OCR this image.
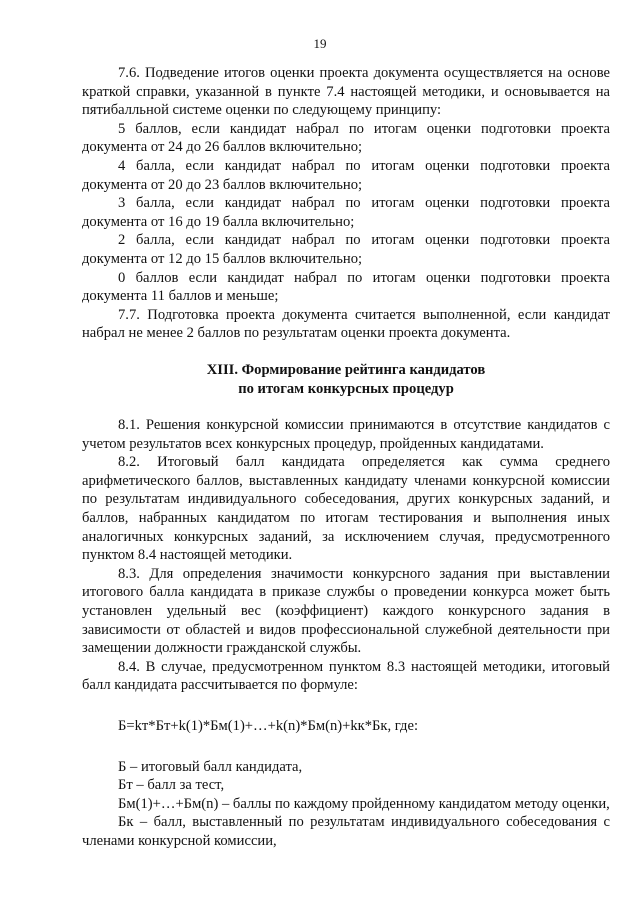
19

7.6. Подведение итогов оценки проекта документа осуществляется на основе краткой справки, указанной в пункте 7.4 настоящей методики, и основывается на пятибалльной системе оценки по следующему принципу:

5 баллов, если кандидат набрал по итогам оценки подготовки проекта документа от 24 до 26 баллов включительно;

4 балла, если кандидат набрал по итогам оценки подготовки проекта документа от 20 до 23 баллов включительно;

3 балла, если кандидат набрал по итогам оценки подготовки проекта документа от 16 до 19 балла включительно;

2 балла, если кандидат набрал по итогам оценки подготовки проекта документа от 12 до 15 баллов включительно;

0 баллов если кандидат набрал по итогам оценки подготовки проекта документа 11 баллов и меньше;

7.7. Подготовка проекта документа считается выполненной, если кандидат набрал не менее 2 баллов по результатам оценки проекта документа.

XIII. Формирование рейтинга кандидатов
по итогам конкурсных процедур

8.1. Решения конкурсной комиссии принимаются в отсутствие кандидатов с учетом результатов всех конкурсных процедур, пройденных кандидатами.

8.2. Итоговый балл кандидата определяется как сумма среднего арифметического баллов, выставленных кандидату членами конкурсной комиссии по результатам индивидуального собеседования, других конкурсных заданий, и баллов, набранных кандидатом по итогам тестирования и выполнения иных аналогичных конкурсных заданий, за исключением случая, предусмотренного пунктом 8.4 настоящей методики.

8.3. Для определения значимости конкурсного задания при выставлении итогового балла кандидата в приказе службы о проведении конкурса может быть установлен удельный вес (коэффициент) каждого конкурсного задания в зависимости от областей и видов профессиональной служебной деятельности при замещении должности гражданской службы.

8.4. В случае, предусмотренном пунктом 8.3 настоящей методики, итоговый балл кандидата рассчитывается по формуле:

Б=kт*Бт+k(1)*Бм(1)+…+k(n)*Бм(n)+kк*Бк, где:

Б – итоговый балл кандидата,

Бт – балл за тест,

Бм(1)+…+Бм(n) – баллы по каждому пройденному кандидатом методу оценки,

Бк – балл, выставленный по результатам индивидуального собеседования с членами конкурсной комиссии,
